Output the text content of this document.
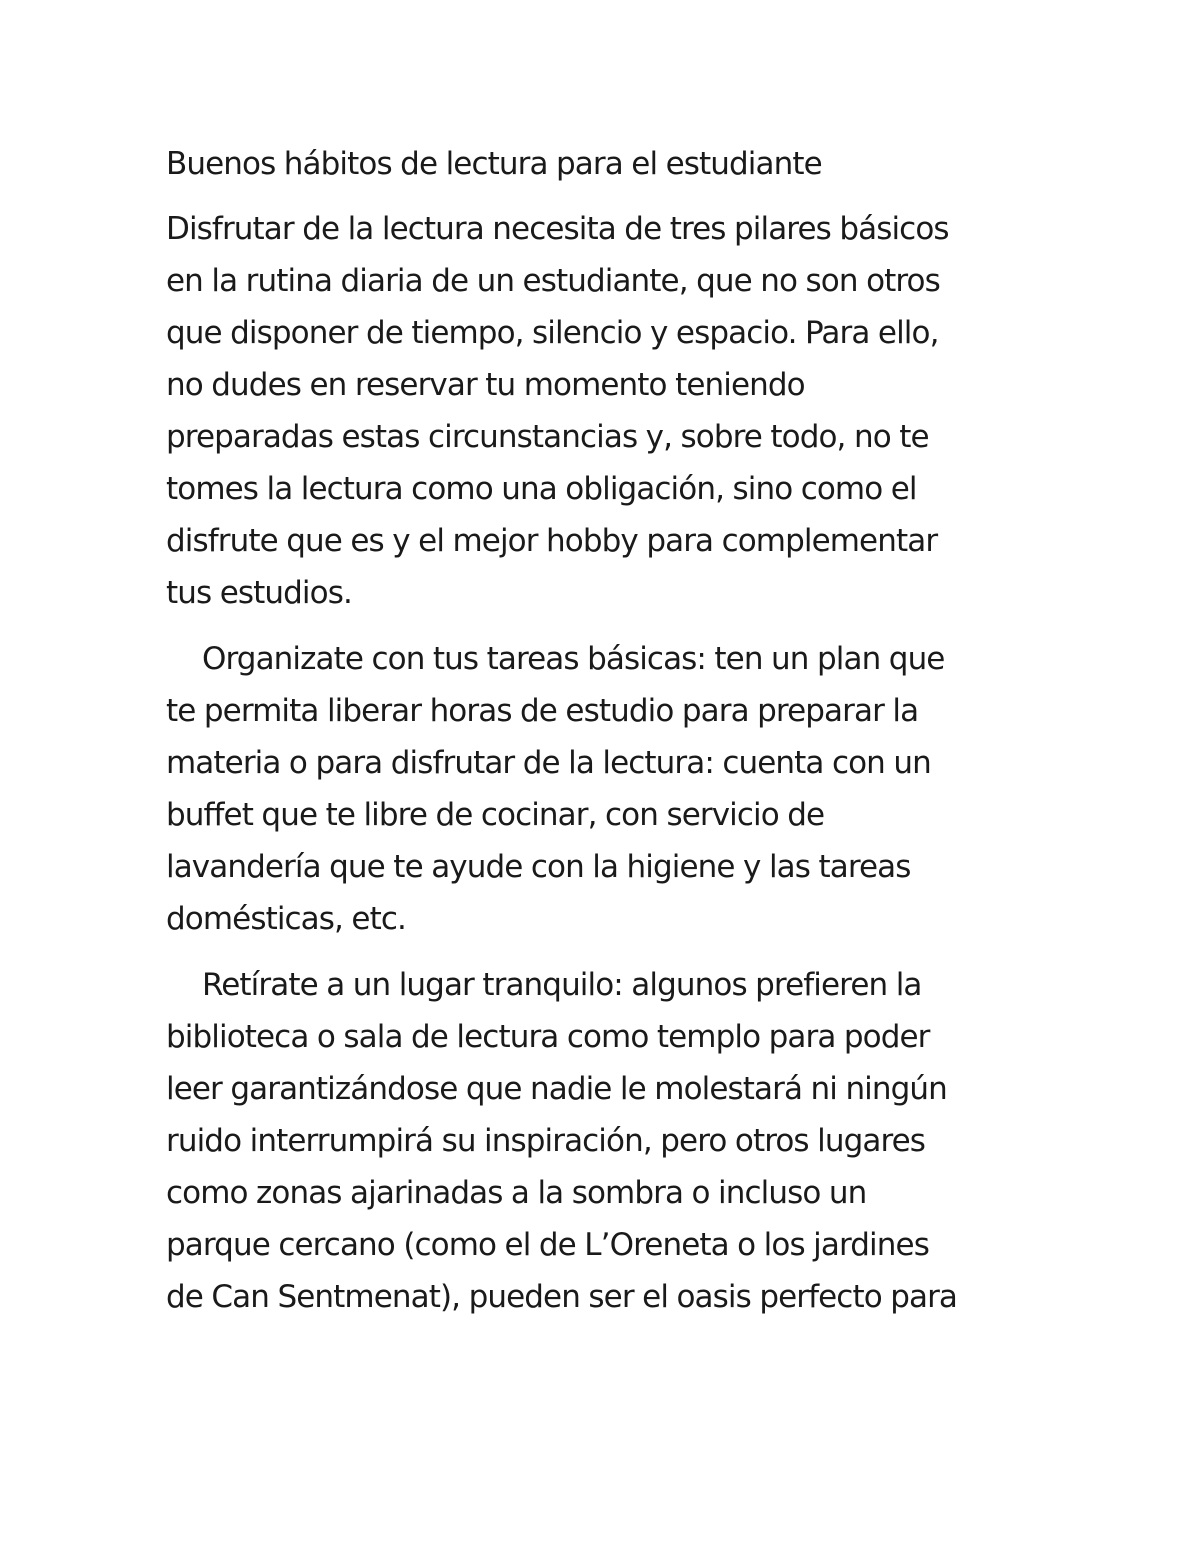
Buenos hábitos de lectura para el estudiante
Disfrutar de la lectura necesita de tres pilares básicos
en la rutina diaria de un estudiante, que no son otros
que disponer de tiempo, silencio y espacio. Para ello,
no dudes en reservar tu momento teniendo
preparadas estas circunstancias y, sobre todo, no te
tomes la lectura como una obligación, sino como el
disfrute que es y el mejor hobby para complementar
tus estudios.
Organizate con tus tareas básicas: ten un plan que
te permita liberar horas de estudio para preparar la
materia o para disfrutar de la lectura: cuenta con un
buffet que te libre de cocinar, con servicio de
lavandería que te ayude con la higiene y las tareas
domésticas, etc.
Retírate a un lugar tranquilo: algunos prefieren la
biblioteca o sala de lectura como templo para poder
leer garantizándose que nadie le molestará ni ningún
ruido interrumpirá su inspiración, pero otros lugares
como zonas ajarinadas a la sombra o incluso un
parque cercano (como el de L’Oreneta o los jardines
de Can Sentmenat), pueden ser el oasis perfecto para
